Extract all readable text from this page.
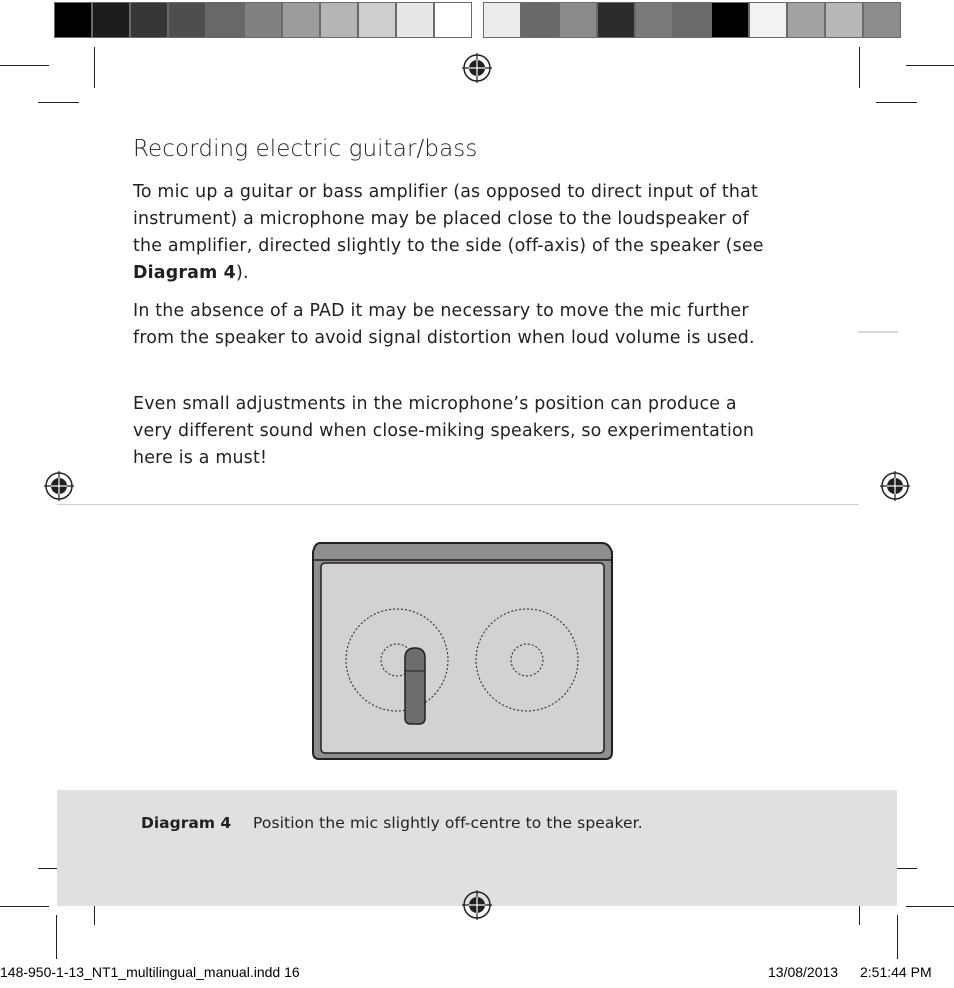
Recording electric guitar/bass
To mic up a guitar or bass amplifier (as opposed to direct input of that instrument) a microphone may be placed close to the loudspeaker of the amplifier, directed slightly to the side (off-axis) of the speaker (see Diagram 4).
In the absence of a PAD it may be necessary to move the mic further from the speaker to avoid signal distortion when loud volume is used.
Even small adjustments in the microphone’s position can produce a very different sound when close-miking speakers, so experimentation here is a must!
Diagram 4 Position the mic slightly off-centre to the speaker.
148-950-1-13_NT1_multilingual_manual.indd 16	13/08/2013 2:51:44 PM
